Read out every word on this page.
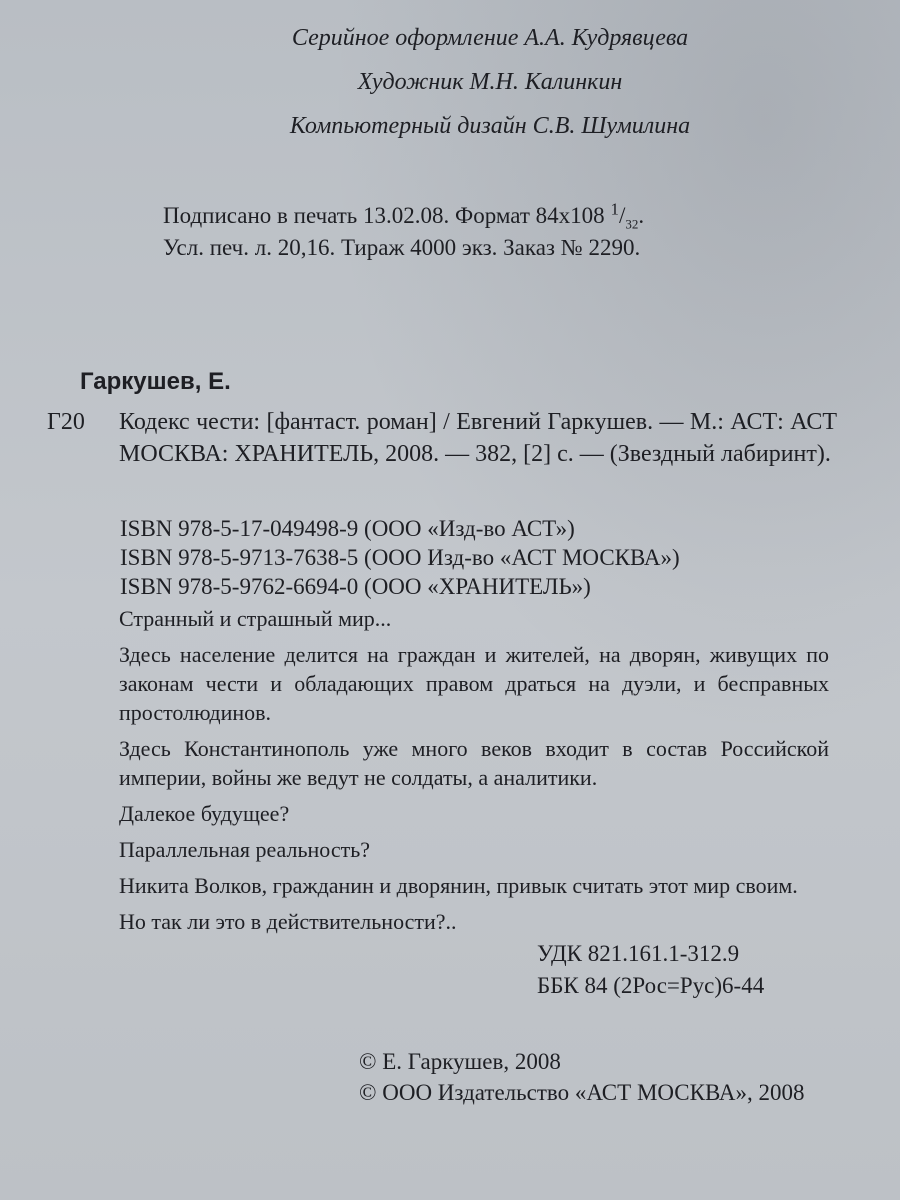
Серийное оформление А.А. Кудрявцева
Художник М.Н. Калинкин
Компьютерный дизайн С.В. Шумилина
Подписано в печать 13.02.08. Формат 84x108 $^1/_{32}$.
Усл. печ. л. 20,16. Тираж 4000 экз. Заказ № 2290.
Гаркушев, Е.
Г20 Кодекс чести: [фантаст. роман] / Евгений Гаркушев. — М.: АСТ: АСТ МОСКВА: ХРАНИТЕЛЬ, 2008. — 382, [2] с. — (Звездный лабиринт).
ISBN 978-5-17-049498-9 (ООО «Изд-во АСТ»)
ISBN 978-5-9713-7638-5 (ООО Изд-во «АСТ МОСКВА»)
ISBN 978-5-9762-6694-0 (ООО «ХРАНИТЕЛЬ»)

Странный и страшный мир...

Здесь население делится на граждан и жителей, на дворян, живущих по законам чести и обладающих правом драться на дуэли, и бесправных простолюдинов.

Здесь Константинополь уже много веков входит в состав Российской империи, войны же ведут не солдаты, а аналитики.

Далекое будущее?

Параллельная реальность?

Никита Волков, гражданин и дворянин, привык считать этот мир своим.

Но так ли это в действительности?..

УДК 821.161.1-312.9
ББК 84 (2Рос=Рус)6-44
© Е. Гаркушев, 2008
© ООО Издательство «АСТ МОСКВА», 2008
